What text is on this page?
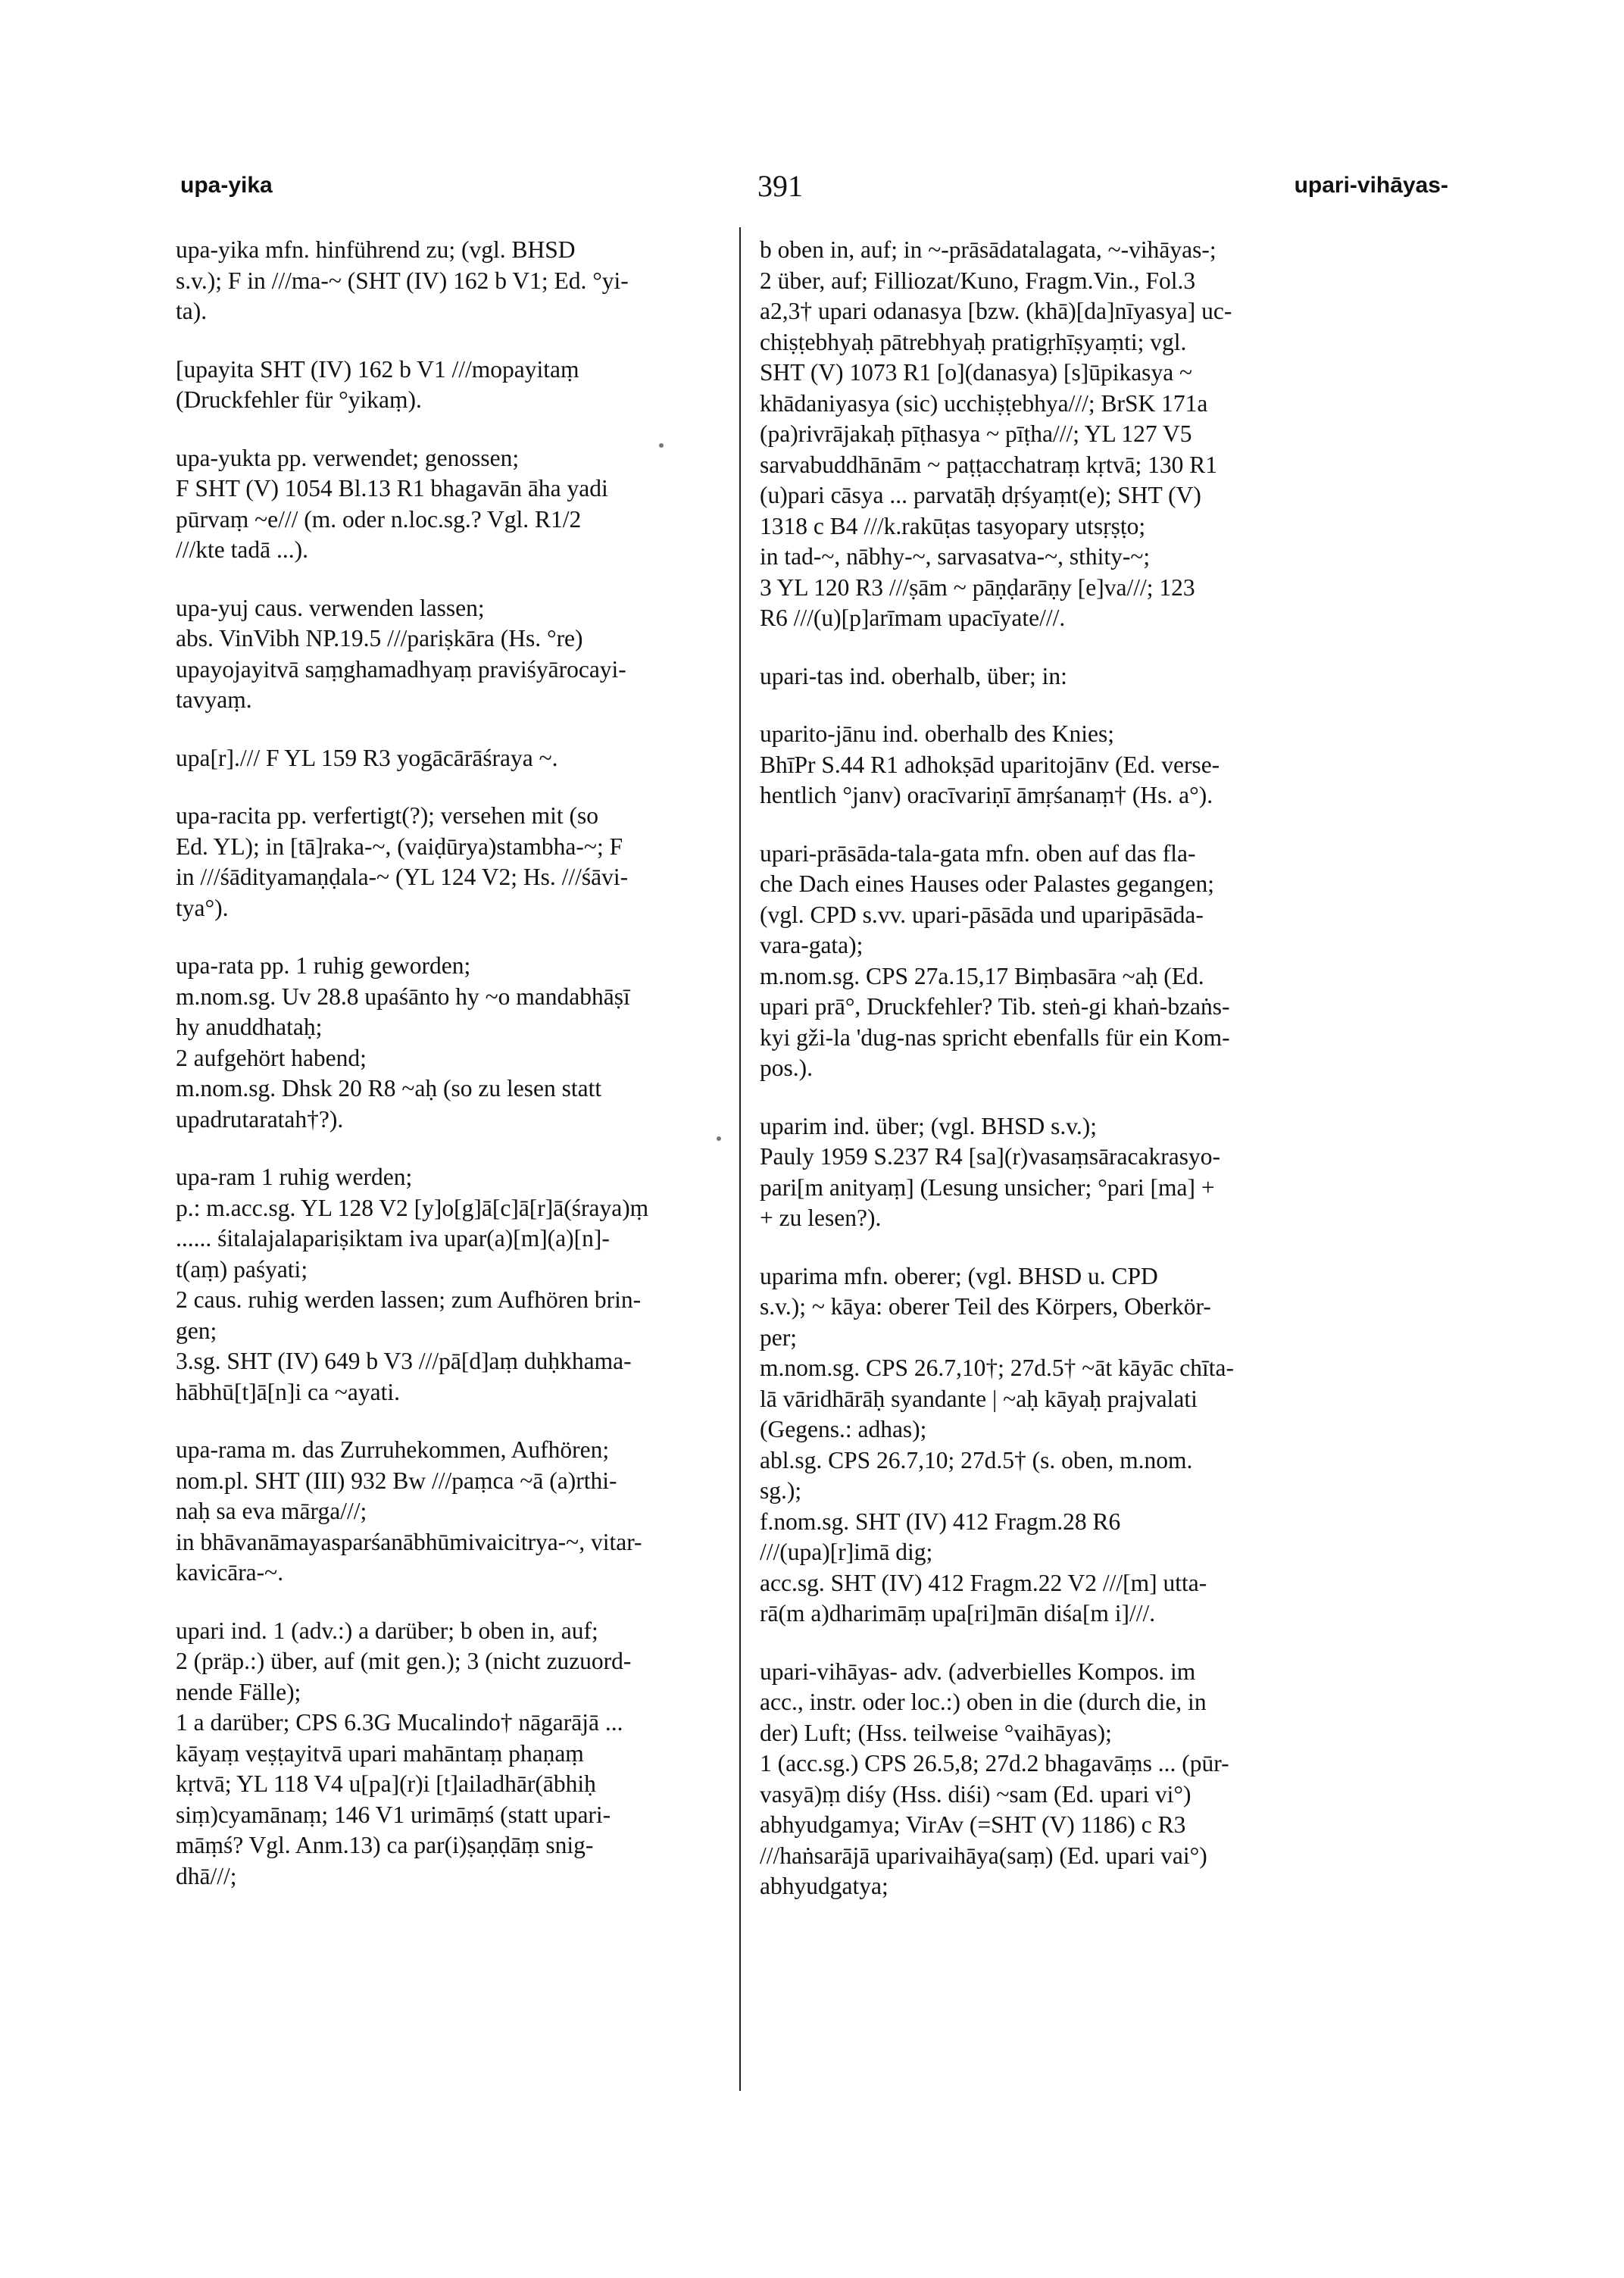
upa-yika	391	upari-vihāyas-
upa-yika mfn. hinführend zu; (vgl. BHSD
s.v.); F in ///ma-~ (SHT (IV) 162 b V1; Ed. °yi-
ta).
[upayita SHT (IV) 162 b V1 ///mopayitaṃ
(Druckfehler für °yikaṃ).
upa-yukta pp. verwendet; genossen;
F SHT (V) 1054 Bl.13 R1 bhagavān āha yadi
pūrvaṃ ~e/// (m. oder n.loc.sg.? Vgl. R1/2
///kte tadā ...).
upa-yuj caus. verwenden lassen;
abs. VinVibh NP.19.5 ///pariṣkāra (Hs. °re)
upayojayitvā saṃghamadhyaṃ praviśyārocayi-
tavyaṃ.
upa[r]./// F YL 159 R3 yogācārāśraya ~.
upa-racita pp. verfertigt(?); versehen mit (so
Ed. YL); in [tā]raka-~, (vaiḍūrya)stambha-~; F
in ///śādityamaṇḍala-~ (YL 124 V2; Hs. ///śāvi-
tya°).
upa-rata pp. 1 ruhig geworden;
m.nom.sg. Uv 28.8 upaśānto hy ~o mandabhāṣī
hy anuddhataḥ;
2 aufgehört habend;
m.nom.sg. Dhsk 20 R8 ~aḥ (so zu lesen statt
upadrutaratah†?).
upa-ram 1 ruhig werden;
p.: m.acc.sg. YL 128 V2 [y]o[g]ā[c]ā[r]ā(śraya)ṃ
...... śitalajalapariṣiktam iva upar(a)[m](a)[n]-
t(aṃ) paśyati;
2 caus. ruhig werden lassen; zum Aufhören brin-
gen;
3.sg. SHT (IV) 649 b V3 ///pā[d]aṃ duḥkhama-
hābhū[t]ā[n]i ca ~ayati.
upa-rama m. das Zurruhekommen, Aufhören;
nom.pl. SHT (III) 932 Bw ///paṃca ~ā (a)rthi-
naḥ sa eva mārga///;
in bhāvanāmayasparśanābhūmivaicitrya-~, vitar-
kavicāra-~.
upari ind. 1 (adv.:) a darüber; b oben in, auf;
2 (präp.:) über, auf (mit gen.); 3 (nicht zuzuord-
nende Fälle);
1 a darüber; CPS 6.3G Mucalindo† nāgarājā ...
kāyaṃ veṣṭayitvā upari mahāntaṃ phaṇaṃ
kṛtvā; YL 118 V4 u[pa](r)i [t]ailadhār(ābhiḥ
siṃ)cyamānaṃ; 146 V1 urimāṃś (statt upari-
māṃś? Vgl. Anm.13) ca par(i)ṣaṇḍāṃ snig-
dhā///;
b oben in, auf; in ~-prāsādatalagata, ~-vihāyas-;
2 über, auf; Filliozat/Kuno, Fragm.Vin., Fol.3
a2,3† upari odanasya [bzw. (khā)[da]nīyasya] uc-
chiṣṭebhyaḥ pātrebhyaḥ pratigṛhīṣyaṃti; vgl.
SHT (V) 1073 R1 [o](danasya) [s]ūpikasya ~
khādaniyasya (sic) ucchiṣṭebhya///; BrSK 171a
(pa)rivrājakaḥ pīṭhasya ~ pīṭha///; YL 127 V5
sarvabuddhānām ~ paṭṭacchatraṃ kṛtvā; 130 R1
(u)pari cāsya ... parvatāḥ dṛśyaṃt(e); SHT (V)
1318 c B4 ///k.rakūṭas tasyopary utsṛṣṭo;
in tad-~, nābhy-~, sarvasatva-~, sthity-~;
3 YL 120 R3 ///ṣām ~ pāṇḍarāṇy [e]va///; 123
R6 ///(u)[p]arīmam upacīyate///.
upari-tas ind. oberhalb, über; in:
uparito-jānu ind. oberhalb des Knies;
BhīPr S.44 R1 adhokṣād uparitojānv (Ed. verse-
hentlich °janv) oracīvariṇī āmṛśanaṃ† (Hs. a°).
upari-prāsāda-tala-gata mfn. oben auf das fla-
che Dach eines Hauses oder Palastes gegangen;
(vgl. CPD s.vv. upari-pāsāda und uparipāsāda-
vara-gata);
m.nom.sg. CPS 27a.15,17 Biṃbasāra ~aḥ (Ed.
upari prā°, Druckfehler? Tib. steṅ-gi khaṅ-bzaṅs-
kyi gži-la 'dug-nas spricht ebenfalls für ein Kom-
pos.).
uparim ind. über; (vgl. BHSD s.v.);
Pauly 1959 S.237 R4 [sa](r)vasaṃsāracakrasyo-
pari[m anityaṃ] (Lesung unsicher; °pari [ma] +
+ zu lesen?).
uparima mfn. oberer; (vgl. BHSD u. CPD
s.v.); ~ kāya: oberer Teil des Körpers, Oberkör-
per;
m.nom.sg. CPS 26.7,10†; 27d.5† ~āt kāyāc chīta-
lā vāridhārāḥ syandante | ~aḥ kāyaḥ prajvalati
(Gegens.: adhas);
abl.sg. CPS 26.7,10; 27d.5† (s. oben, m.nom.
sg.);
f.nom.sg. SHT (IV) 412 Fragm.28 R6
///(upa)[r]imā dig;
acc.sg. SHT (IV) 412 Fragm.22 V2 ///[m] utta-
rā(m a)dharimāṃ upa[ri]mān diśa[m i]///.
upari-vihāyas- adv. (adverbielles Kompos. im
acc., instr. oder loc.:) oben in die (durch die, in
der) Luft; (Hss. teilweise °vaihāyas);
1 (acc.sg.) CPS 26.5,8; 27d.2 bhagavāṃs ... (pūr-
vasyā)ṃ diśy (Hss. diśi) ~sam (Ed. upari vi°)
abhyudgamya; VirAv (=SHT (V) 1186) c R3
///haṅsarājā uparivaihāya(saṃ) (Ed. upari vai°)
abhyudgatya;
